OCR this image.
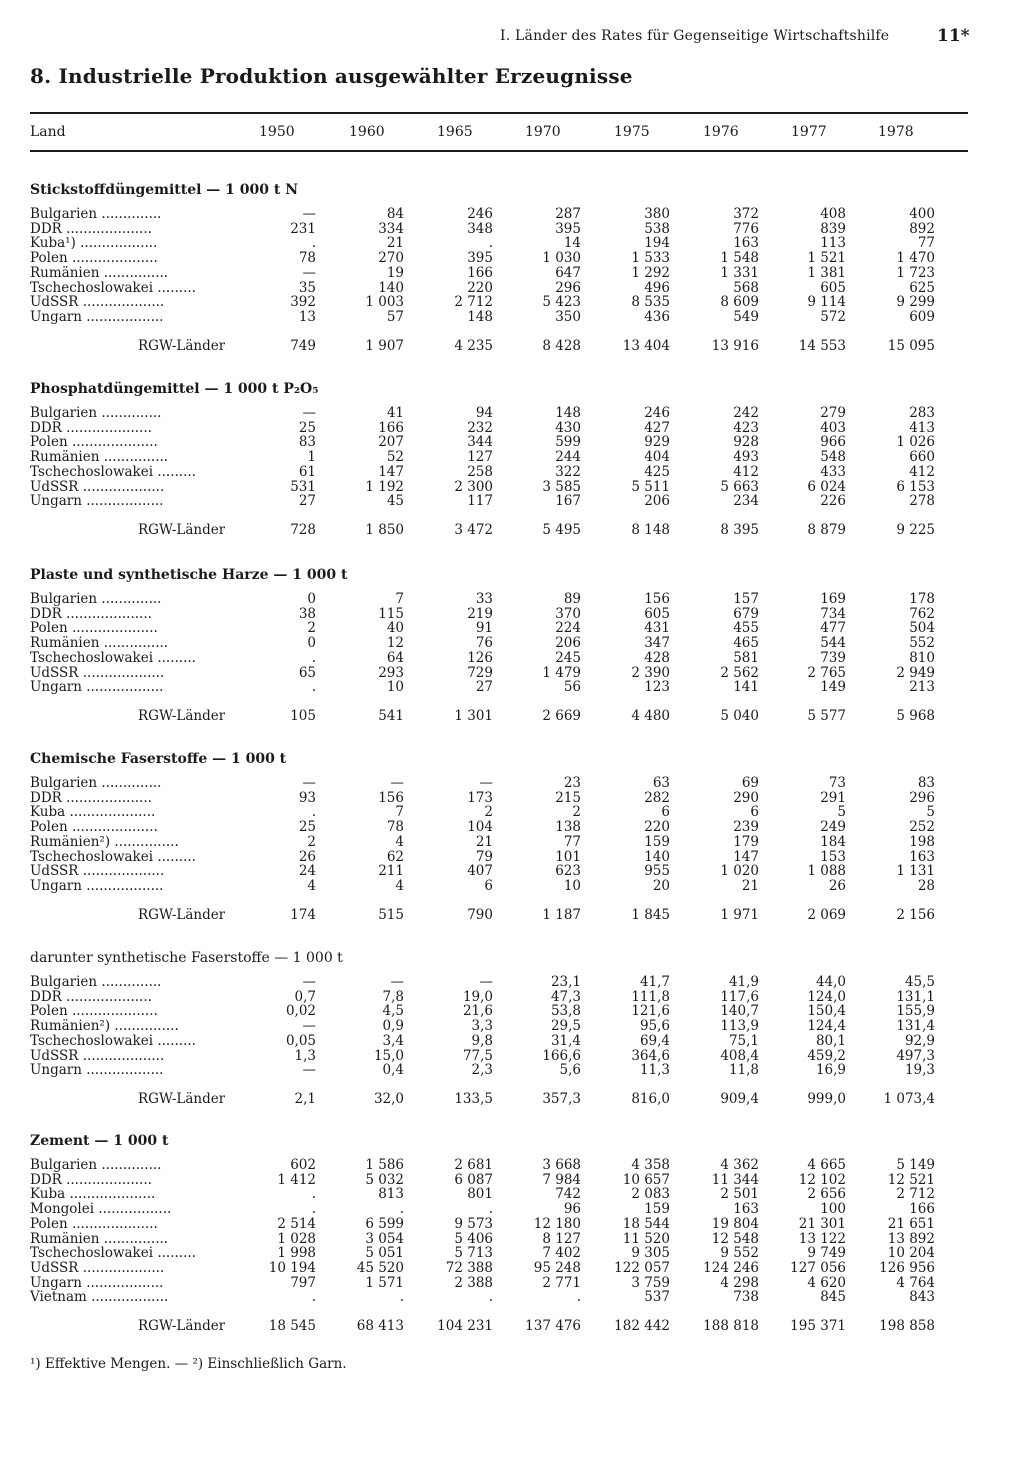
I. Länder des Rates für Gegenseitige Wirtschaftshilfe	11*
8. Industrielle Produktion ausgewählter Erzeugnisse
Land	1950	1960	1965	1970	1975	1976	1977	1978
Stickstoffdüngemittel — 1 000 t N
Bulgarien ..............	—	84	246	287	380	372	408	400
DDR ....................	231	334	348	395	538	776	839	892
Kuba¹) ..................	.	21	.	14	194	163	113	77
Polen ....................	78	270	395	1 030	1 533	1 548	1 521	1 470
Rumänien ...............	—	19	166	647	1 292	1 331	1 381	1 723
Tschechoslowakei .........	35	140	220	296	496	568	605	625
UdSSR ...................	392	1 003	2 712	5 423	8 535	8 609	9 114	9 299
Ungarn ..................	13	57	148	350	436	549	572	609
RGW-Länder	749	1 907	4 235	8 428	13 404	13 916	14 553	15 095
Phosphatdüngemittel — 1 000 t P₂O₅
Bulgarien ..............	—	41	94	148	246	242	279	283
DDR ....................	25	166	232	430	427	423	403	413
Polen ....................	83	207	344	599	929	928	966	1 026
Rumänien ...............	1	52	127	244	404	493	548	660
Tschechoslowakei .........	61	147	258	322	425	412	433	412
UdSSR ...................	531	1 192	2 300	3 585	5 511	5 663	6 024	6 153
Ungarn ..................	27	45	117	167	206	234	226	278
RGW-Länder	728	1 850	3 472	5 495	8 148	8 395	8 879	9 225
Plaste und synthetische Harze — 1 000 t
Bulgarien ..............	0	7	33	89	156	157	169	178
DDR ....................	38	115	219	370	605	679	734	762
Polen ....................	2	40	91	224	431	455	477	504
Rumänien ...............	0	12	76	206	347	465	544	552
Tschechoslowakei .........	.	64	126	245	428	581	739	810
UdSSR ...................	65	293	729	1 479	2 390	2 562	2 765	2 949
Ungarn ..................	.	10	27	56	123	141	149	213
RGW-Länder	105	541	1 301	2 669	4 480	5 040	5 577	5 968
Chemische Faserstoffe — 1 000 t
Bulgarien ..............	—	—	—	23	63	69	73	83
DDR ....................	93	156	173	215	282	290	291	296
Kuba ....................	.	7	2	2	6	6	5	5
Polen ....................	25	78	104	138	220	239	249	252
Rumänien²) ...............	2	4	21	77	159	179	184	198
Tschechoslowakei .........	26	62	79	101	140	147	153	163
UdSSR ...................	24	211	407	623	955	1 020	1 088	1 131
Ungarn ..................	4	4	6	10	20	21	26	28
RGW-Länder	174	515	790	1 187	1 845	1 971	2 069	2 156
darunter synthetische Faserstoffe — 1 000 t
Bulgarien ..............	—	—	—	23,1	41,7	41,9	44,0	45,5
DDR ....................	0,7	7,8	19,0	47,3	111,8	117,6	124,0	131,1
Polen ....................	0,02	4,5	21,6	53,8	121,6	140,7	150,4	155,9
Rumänien²) ...............	—	0,9	3,3	29,5	95,6	113,9	124,4	131,4
Tschechoslowakei .........	0,05	3,4	9,8	31,4	69,4	75,1	80,1	92,9
UdSSR ...................	1,3	15,0	77,5	166,6	364,6	408,4	459,2	497,3
Ungarn ..................	—	0,4	2,3	5,6	11,3	11,8	16,9	19,3
RGW-Länder	2,1	32,0	133,5	357,3	816,0	909,4	999,0	1 073,4
Zement — 1 000 t
Bulgarien ..............	602	1 586	2 681	3 668	4 358	4 362	4 665	5 149
DDR ....................	1 412	5 032	6 087	7 984	10 657	11 344	12 102	12 521
Kuba ....................	.	813	801	742	2 083	2 501	2 656	2 712
Mongolei .................	.	.	.	96	159	163	100	166
Polen ....................	2 514	6 599	9 573	12 180	18 544	19 804	21 301	21 651
Rumänien ...............	1 028	3 054	5 406	8 127	11 520	12 548	13 122	13 892
Tschechoslowakei .........	1 998	5 051	5 713	7 402	9 305	9 552	9 749	10 204
UdSSR ...................	10 194	45 520	72 388	95 248	122 057	124 246	127 056	126 956
Ungarn ..................	797	1 571	2 388	2 771	3 759	4 298	4 620	4 764
Vietnam ..................	.	.	.	.	537	738	845	843
RGW-Länder	18 545	68 413	104 231	137 476	182 442	188 818	195 371	198 858
¹) Effektive Mengen. — ²) Einschließlich Garn.
